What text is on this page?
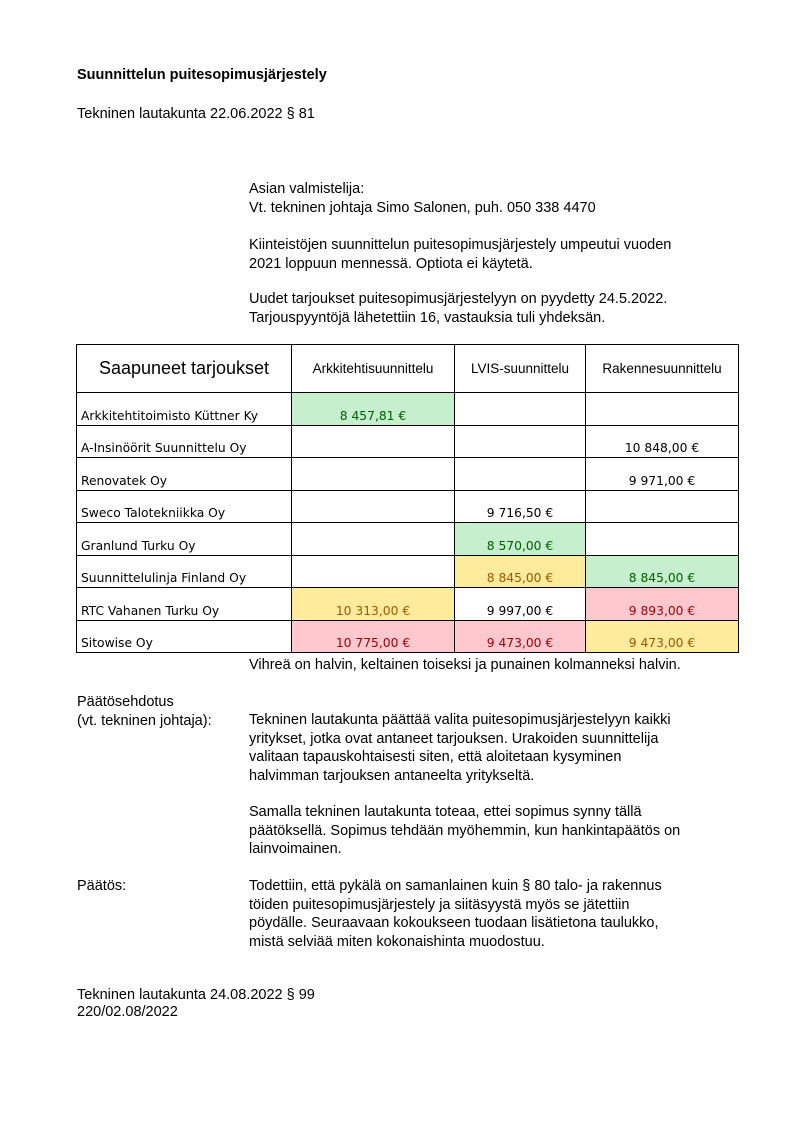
Suunnittelun puitesopimusjärjestely
Tekninen lautakunta 22.06.2022 § 81
Asian valmistelija:
Vt. tekninen johtaja Simo Salonen, puh. 050 338 4470
Kiinteistöjen suunnittelun puitesopimusjärjestely umpeutui vuoden
2021 loppuun mennessä. Optiota ei käytetä.
Uudet tarjoukset puitesopimusjärjestelyyn on pyydetty 24.5.2022.
Tarjouspyyntöjä lähetettiin 16, vastauksia tuli yhdeksän.
Saapuneet tarjoukset	Arkkitehtisuunnittelu	LVIS-suunnittelu	Rakennesuunnittelu
Arkkitehtitoimisto Küttner Ky	8 457,81 €		
A-Insinöörit Suunnittelu Oy			10 848,00 €
Renovatek Oy			9 971,00 €
Sweco Talotekniikka Oy		9 716,50 €	
Granlund Turku Oy		8 570,00 €	
Suunnittelulinja Finland Oy		8 845,00 €	8 845,00 €
RTC Vahanen Turku Oy	10 313,00 €	9 997,00 €	9 893,00 €
Sitowise Oy	10 775,00 €	9 473,00 €	9 473,00 €
Vihreä on halvin, keltainen toiseksi ja punainen kolmanneksi halvin.
Päätösehdotus
(vt. tekninen johtaja):	Tekninen lautakunta päättää valita puitesopimusjärjestelyyn kaikki
yritykset, jotka ovat antaneet tarjouksen. Urakoiden suunnittelija
valitaan tapauskohtaisesti siten, että aloitetaan kysyminen
halvimman tarjouksen antaneelta yritykseltä.
Samalla tekninen lautakunta toteaa, ettei sopimus synny tällä
päätöksellä. Sopimus tehdään myöhemmin, kun hankintapäätös on
lainvoimainen.
Päätös:	Todettiin, että pykälä on samanlainen kuin § 80 talo- ja rakennus
töiden puitesopimusjärjestely ja siitäsyystä myös se jätettiin
pöydälle. Seuraavaan kokoukseen tuodaan lisätietona taulukko,
mistä selviää miten kokonaishinta muodostuu.
Tekninen lautakunta 24.08.2022 § 99
220/02.08/2022
